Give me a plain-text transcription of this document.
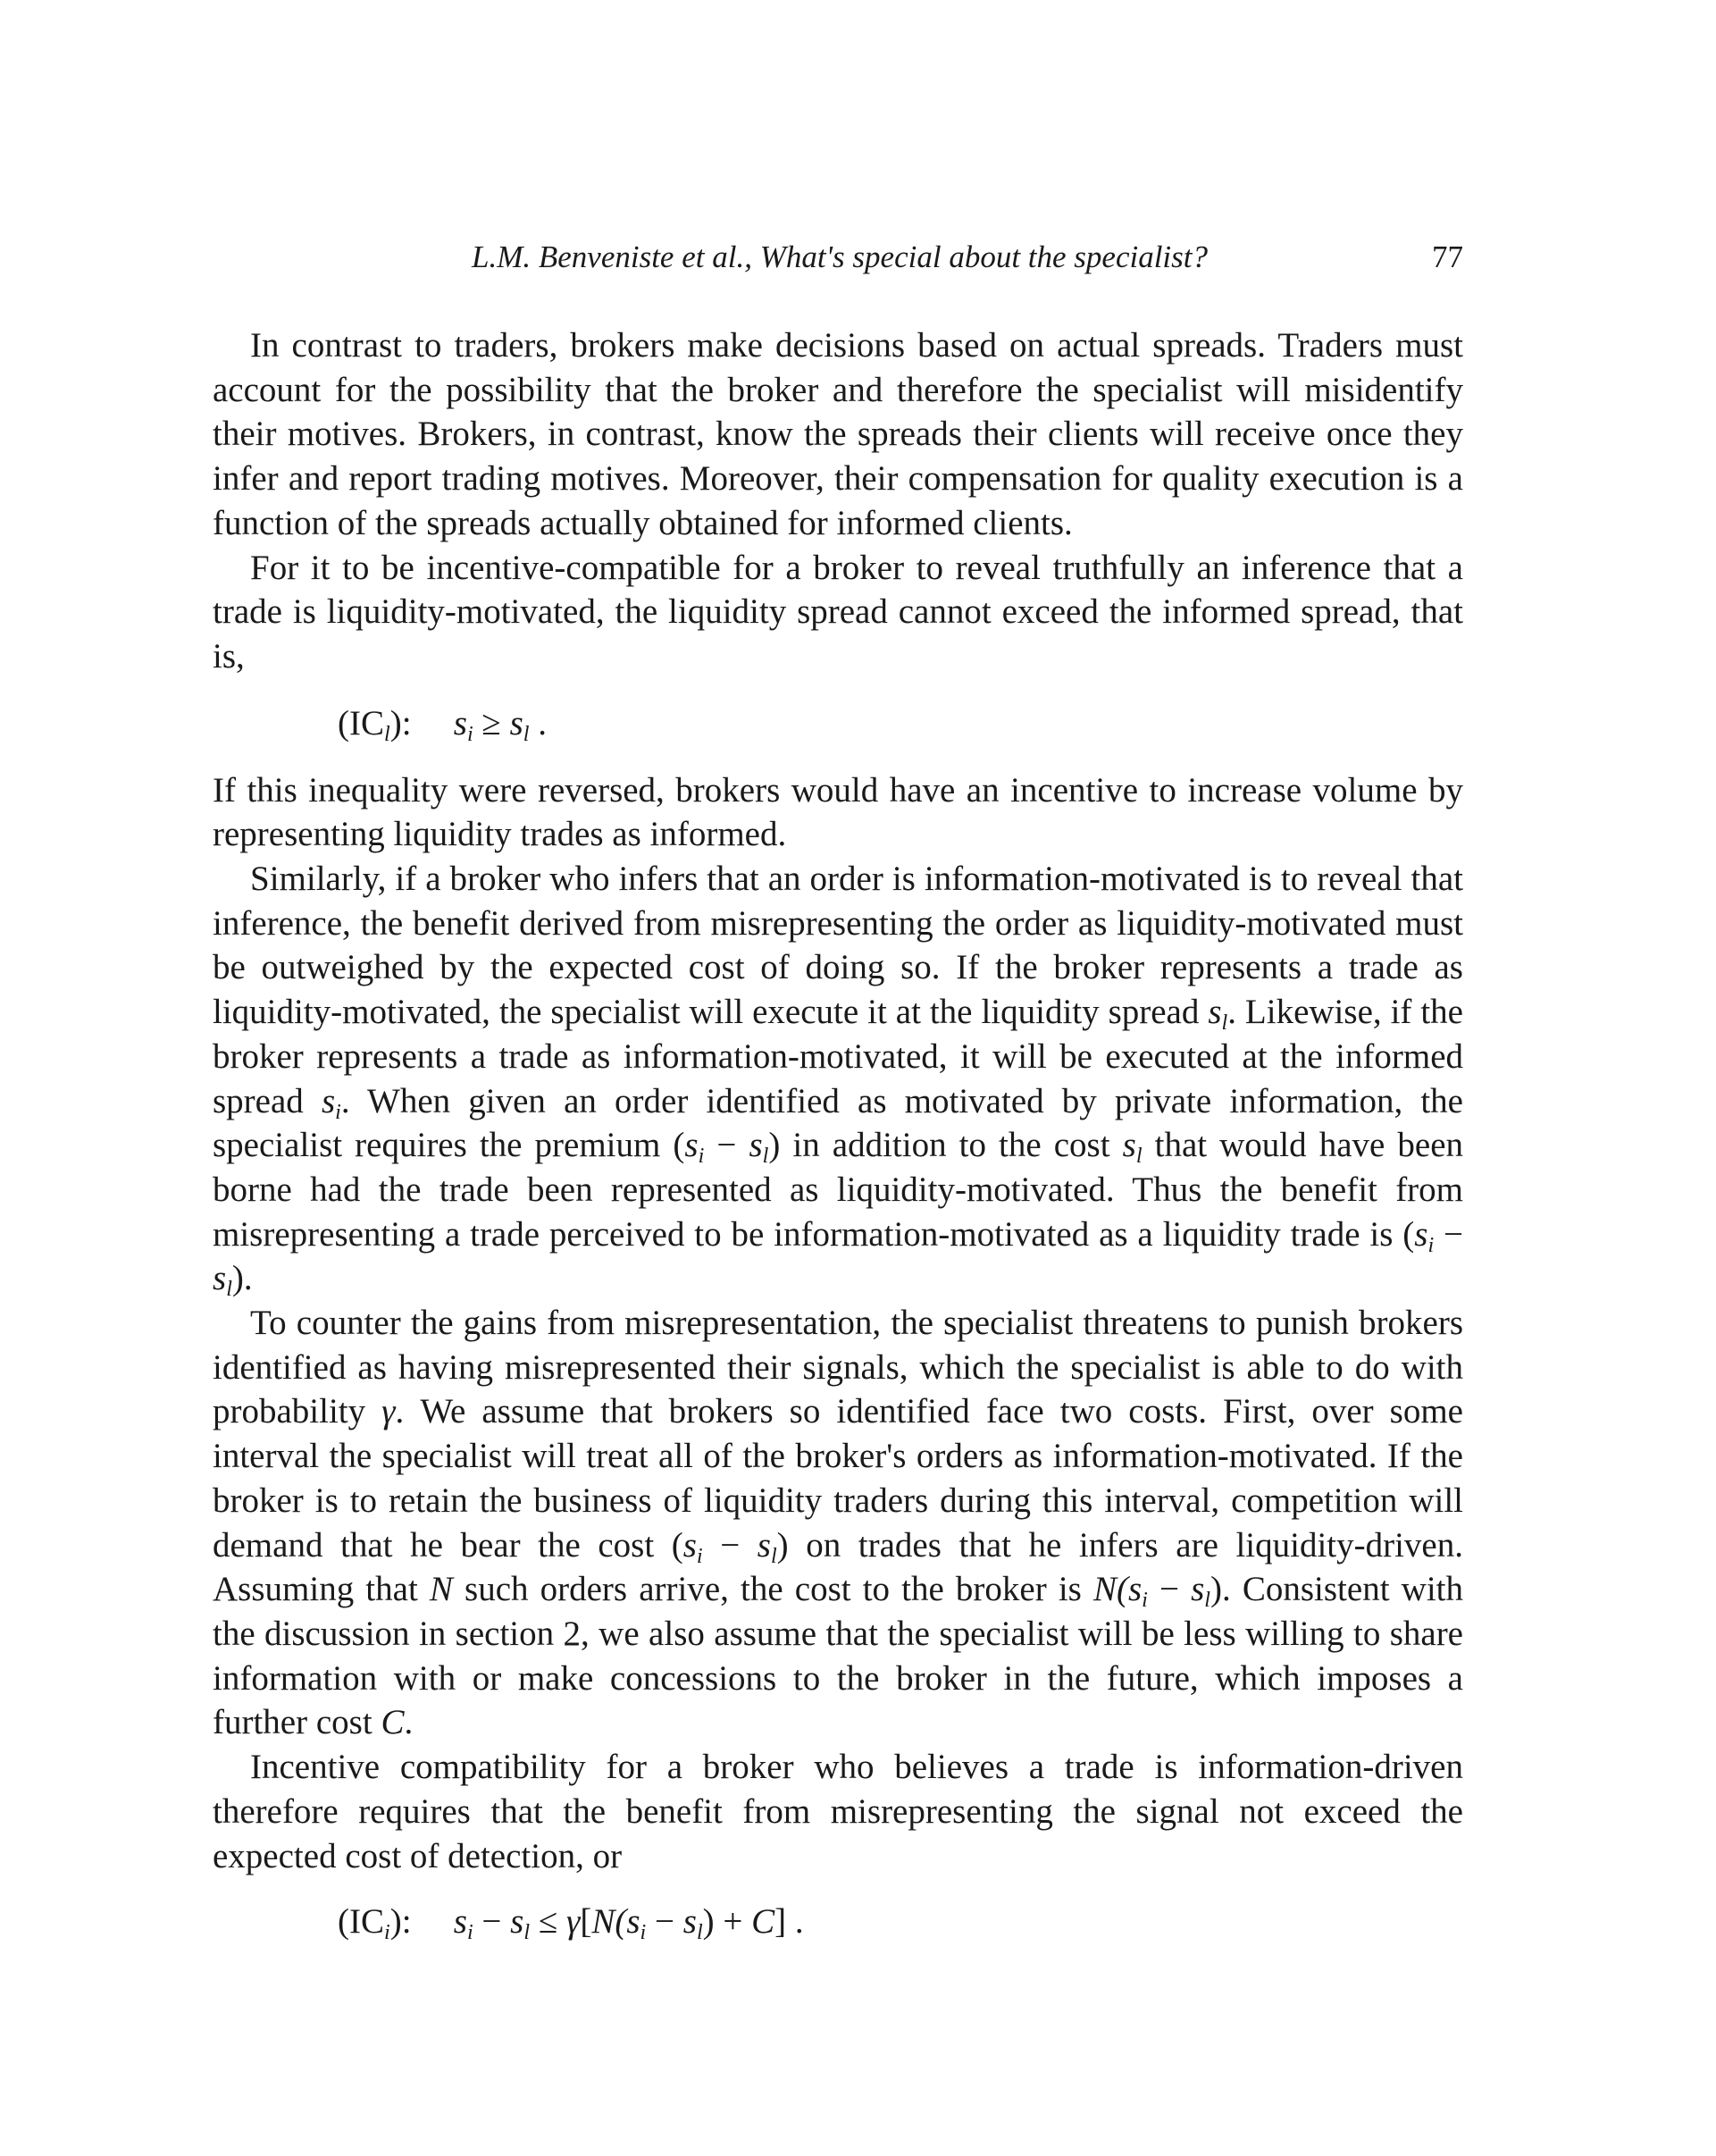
L.M. Benveniste et al., What's special about the specialist?	77

In contrast to traders, brokers make decisions based on actual spreads. Traders must account for the possibility that the broker and therefore the specialist will misidentify their motives. Brokers, in contrast, know the spreads their clients will receive once they infer and report trading motives. Moreover, their compensation for quality execution is a function of the spreads actually obtained for informed clients.

For it to be incentive-compatible for a broker to reveal truthfully an inference that a trade is liquidity-motivated, the liquidity spread cannot exceed the informed spread, that is,

$(IC_l)$: $s_i \ge s_l$ .

If this inequality were reversed, brokers would have an incentive to increase volume by representing liquidity trades as informed.

Similarly, if a broker who infers that an order is information-motivated is to reveal that inference, the benefit derived from misrepresenting the order as liquidity-motivated must be outweighed by the expected cost of doing so. If the broker represents a trade as liquidity-motivated, the specialist will execute it at the liquidity spread $s_l$. Likewise, if the broker represents a trade as information-motivated, it will be executed at the informed spread $s_i$. When given an order identified as motivated by private information, the specialist requires the premium $(s_i - s_l)$ in addition to the cost $s_l$ that would have been borne had the trade been represented as liquidity-motivated. Thus the benefit from misrepresenting a trade perceived to be information-motivated as a liquidity trade is $(s_i - s_l)$.

To counter the gains from misrepresentation, the specialist threatens to punish brokers identified as having misrepresented their signals, which the specialist is able to do with probability γ. We assume that brokers so identified face two costs. First, over some interval the specialist will treat all of the broker's orders as information-motivated. If the broker is to retain the business of liquidity traders during this interval, competition will demand that he bear the cost $(s_i - s_l)$ on trades that he infers are liquidity-driven. Assuming that N such orders arrive, the cost to the broker is $N(s_i - s_l)$. Consistent with the discussion in section 2, we also assume that the specialist will be less willing to share information with or make concessions to the broker in the future, which imposes a further cost C.

Incentive compatibility for a broker who believes a trade is information-driven therefore requires that the benefit from misrepresenting the signal not exceed the expected cost of detection, or

$(IC_i)$: $s_i - s_l \le \gamma[N(s_i - s_l) + C]$ .
